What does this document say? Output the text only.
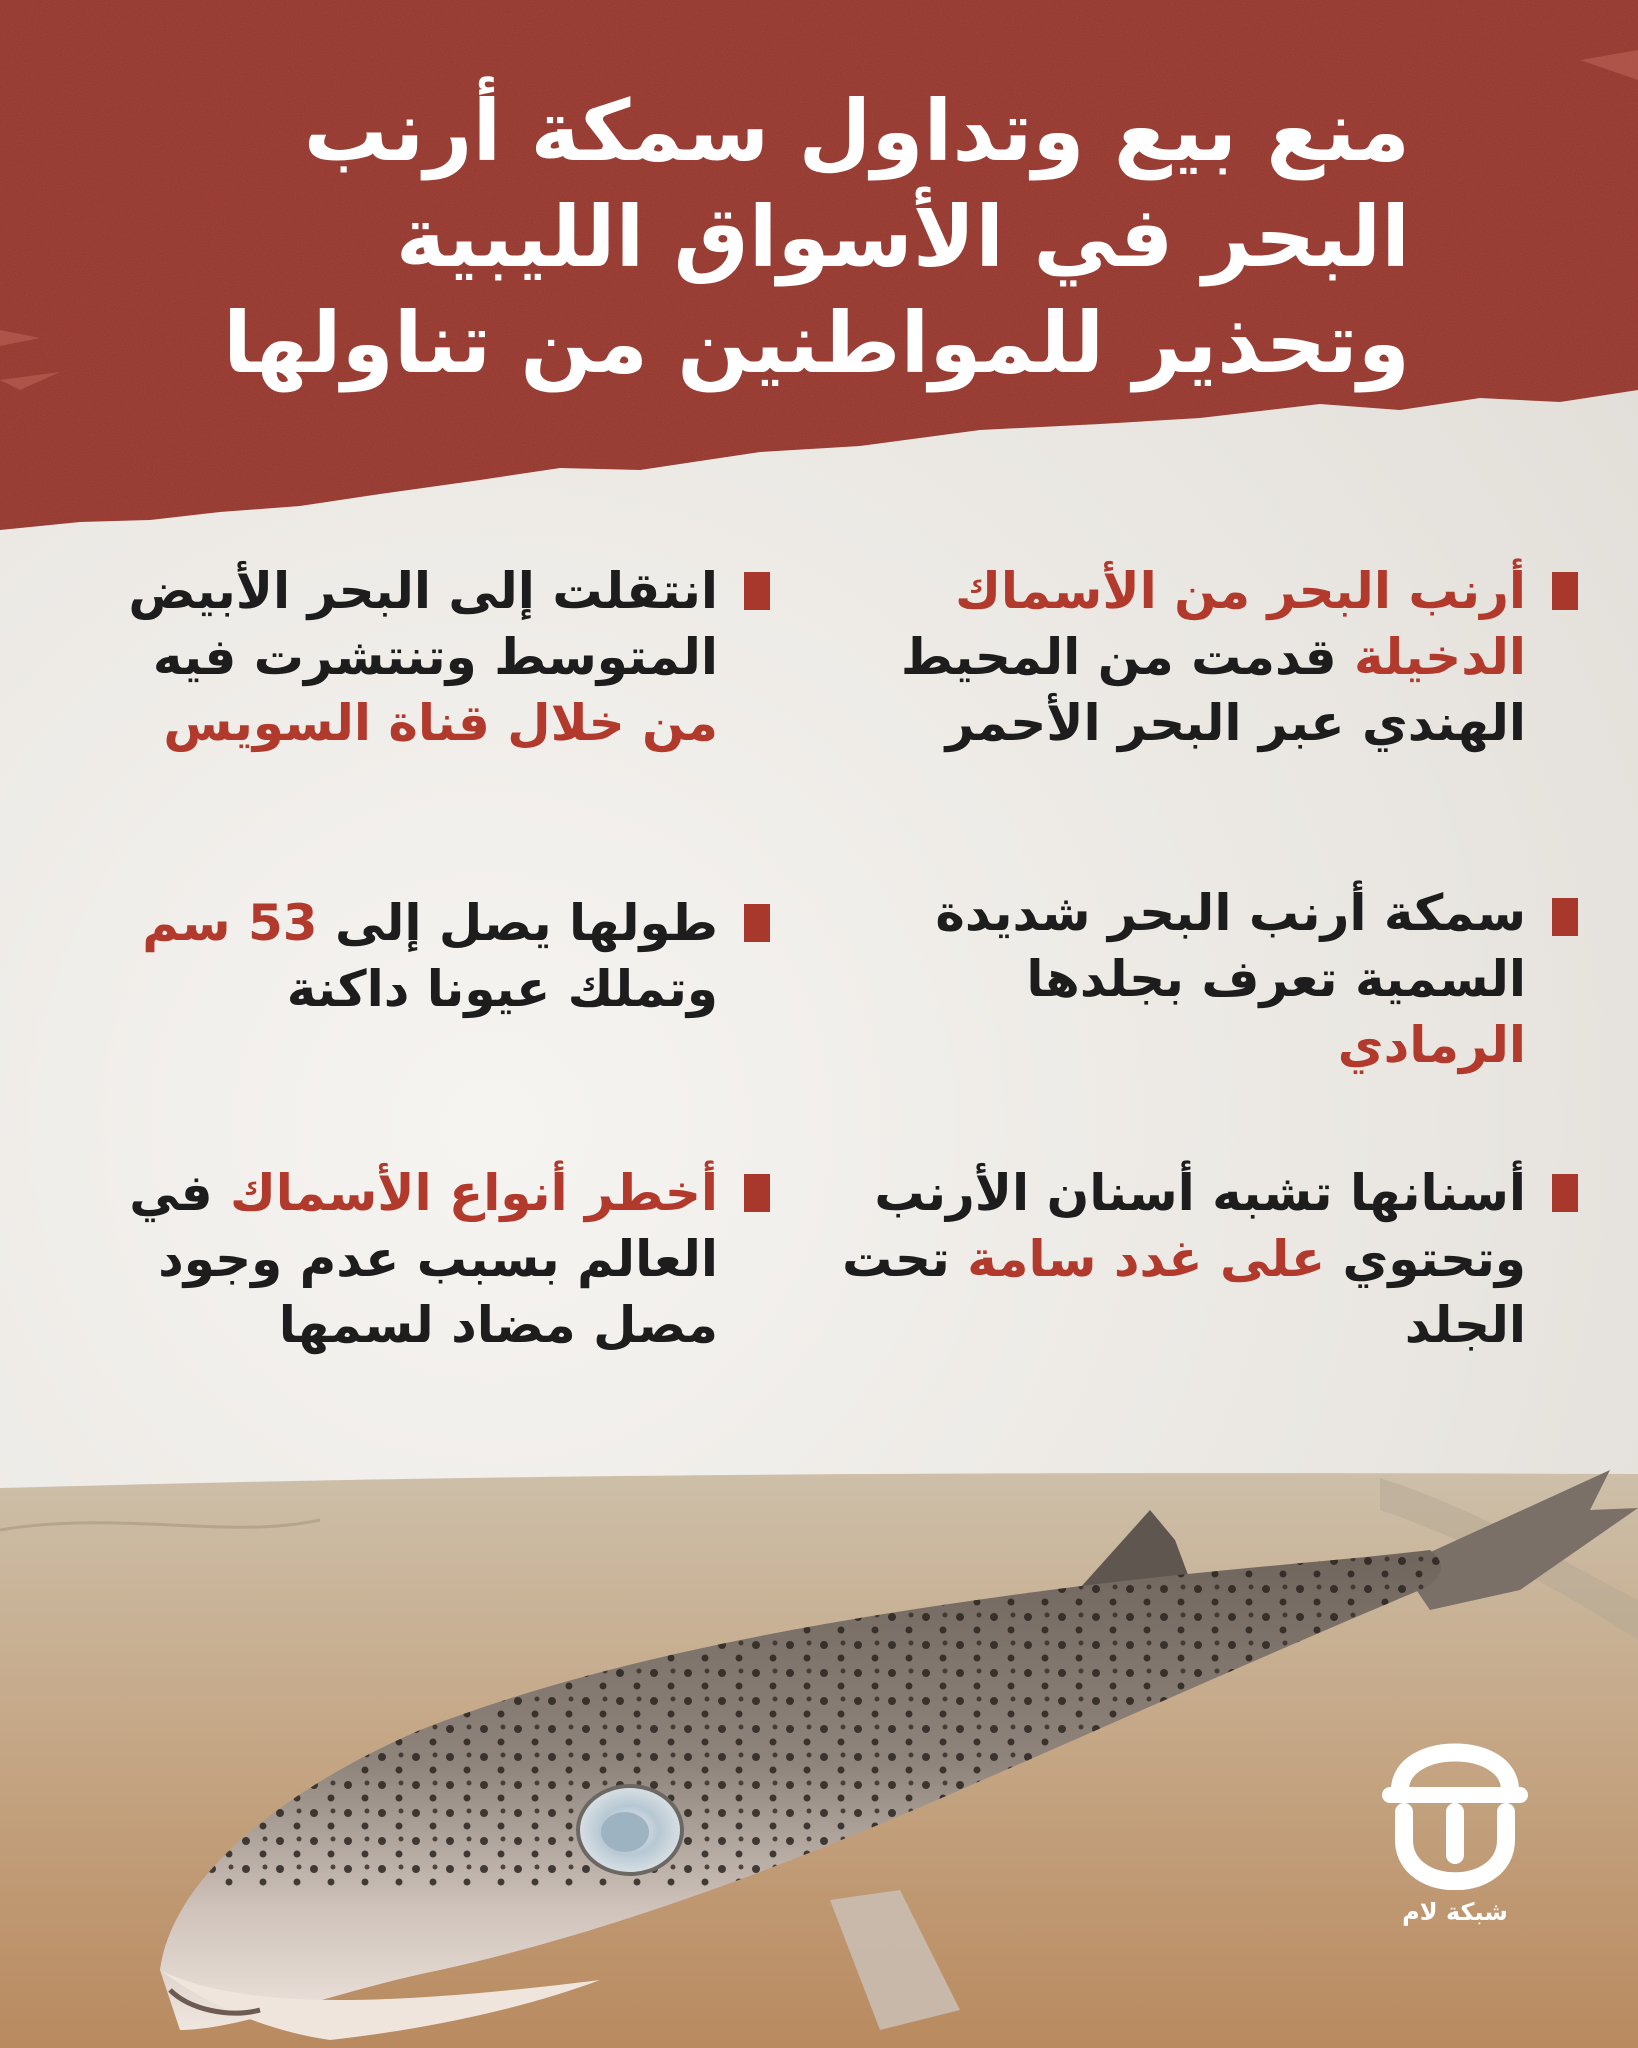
منع بيع وتداول سمكة أرنب
البحر في الأسواق الليبية
وتحذير للمواطنين من تناولها
أرنب البحر من الأسماك
الدخيلة قدمت من المحيط
الهندي عبر البحر الأحمر
انتقلت إلى البحر الأبيض
المتوسط وتنتشرت فيه
من خلال قناة السويس
سمكة أرنب البحر شديدة
السمية تعرف بجلدها
الرمادي
طولها يصل إلى 53 سم
وتملك عيونا داكنة
أسنانها تشبه أسنان الأرنب
وتحتوي على غدد سامة تحت
الجلد
أخطر أنواع الأسماك في
العالم بسبب عدم وجود
مصل مضاد لسمها
شبكة لام
